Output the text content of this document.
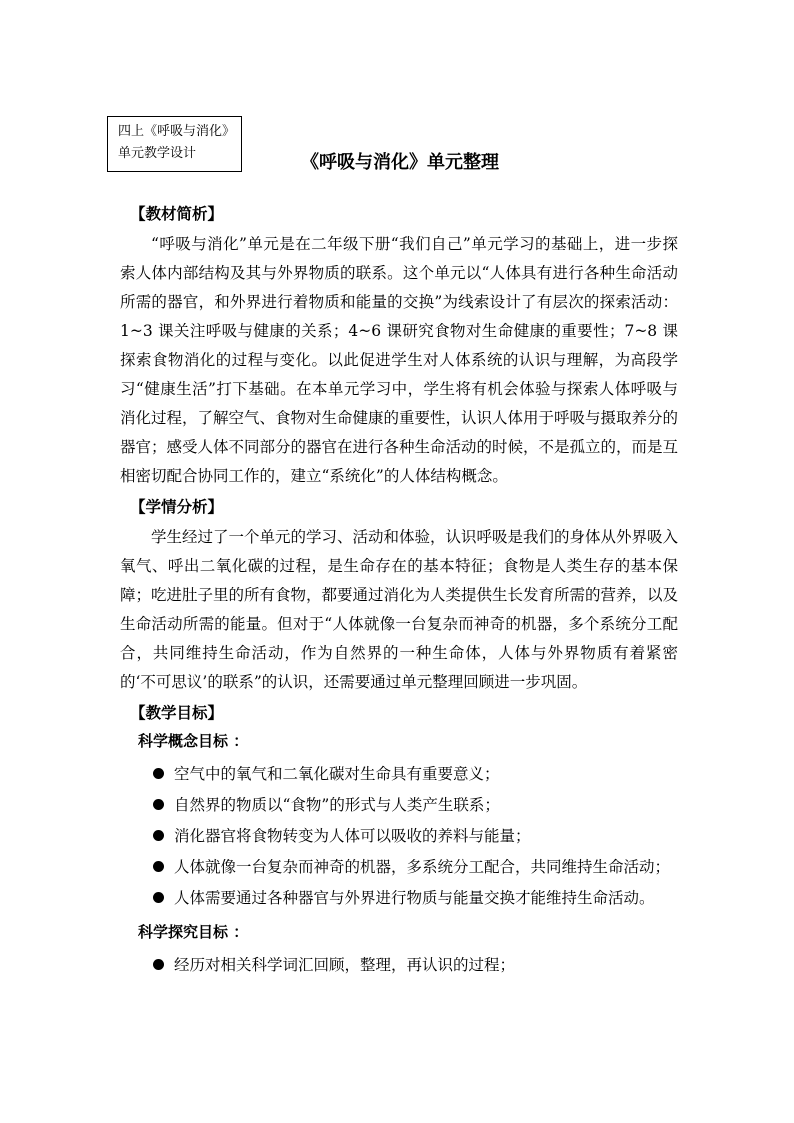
四上《呼吸与消化》
单元教学设计	《呼吸与消化》单元整理
【教材简析】
“呼吸与消化”单元是在二年级下册“我们自己”单元学习的基础上，进一步探索人体内部结构及其与外界物质的联系。这个单元以“人体具有进行各种生命活动所需的器官，和外界进行着物质和能量的交换”为线索设计了有层次的探索活动：1~3 课关注呼吸与健康的关系；4~6 课研究食物对生命健康的重要性；7~8 课探索食物消化的过程与变化。以此促进学生对人体系统的认识与理解，为高段学习“健康生活”打下基础。在本单元学习中，学生将有机会体验与探索人体呼吸与消化过程，了解空气、食物对生命健康的重要性，认识人体用于呼吸与摄取养分的器官；感受人体不同部分的器官在进行各种生命活动的时候，不是孤立的，而是互相密切配合协同工作的，建立“系统化”的人体结构概念。
【学情分析】
学生经过了一个单元的学习、活动和体验，认识呼吸是我们的身体从外界吸入氧气、呼出二氧化碳的过程，是生命存在的基本特征；食物是人类生存的基本保障；吃进肚子里的所有食物，都要通过消化为人类提供生长发育所需的营养，以及生命活动所需的能量。但对于“人体就像一台复杂而神奇的机器，多个系统分工配合，共同维持生命活动，作为自然界的一种生命体，人体与外界物质有着紧密的‘不可思议’的联系”的认识，还需要通过单元整理回顾进一步巩固。
【教学目标】
科学概念目标 ：
空气中的氧气和二氧化碳对生命具有重要意义；
自然界的物质以“食物”的形式与人类产生联系；
消化器官将食物转变为人体可以吸收的养料与能量；
人体就像一台复杂而神奇的机器，多系统分工配合，共同维持生命活动；
人体需要通过各种器官与外界进行物质与能量交换才能维持生命活动。
科学探究目标 ：
经历对相关科学词汇回顾，整理，再认识的过程；
